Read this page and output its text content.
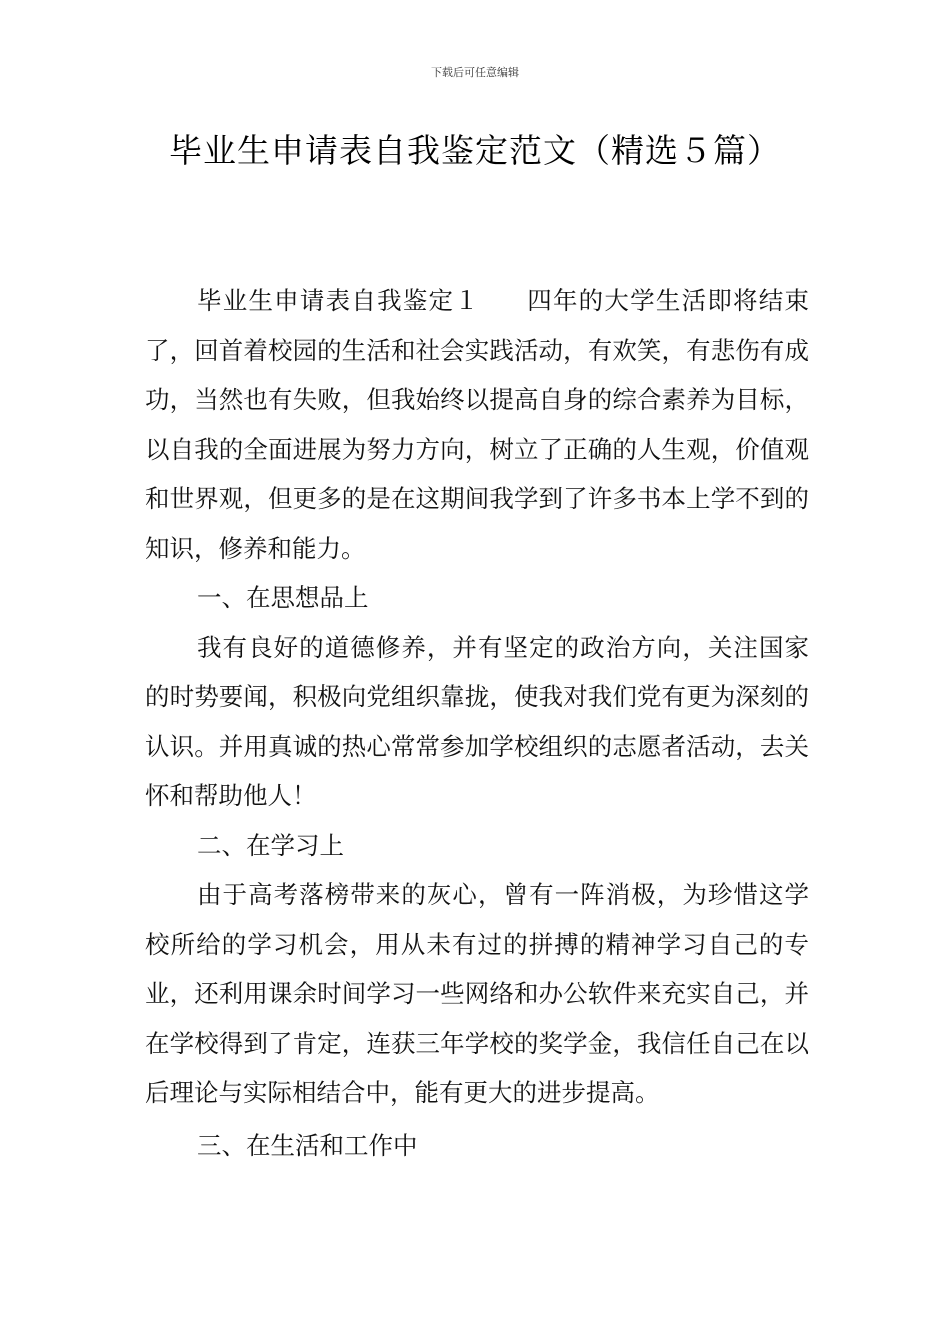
下载后可任意编辑
毕业生申请表自我鉴定范文（精选５篇）

毕业生申请表自我鉴定１ 四年的大学生活即将结束了，回首着校园的生活和社会实践活动，有欢笑，有悲伤有成功，当然也有失败，但我始终以提高自身的综合素养为目标，以自我的全面进展为努力方向，树立了正确的人生观，价值观和世界观，但更多的是在这期间我学到了许多书本上学不到的知识，修养和能力。

一、在思想品上

我有良好的道德修养，并有坚定的政治方向，关注国家的时势要闻，积极向党组织靠拢，使我对我们党有更为深刻的认识。并用真诚的热心常常参加学校组织的志愿者活动，去关怀和帮助他人！

二、在学习上

由于高考落榜带来的灰心，曾有一阵消极，为珍惜这学校所给的学习机会，用从未有过的拼搏的精神学习自己的专业，还利用课余时间学习一些网络和办公软件来充实自己，并在学校得到了肯定，连获三年学校的奖学金，我信任自己在以后理论与实际相结合中，能有更大的进步提高。

三、在生活和工作中
